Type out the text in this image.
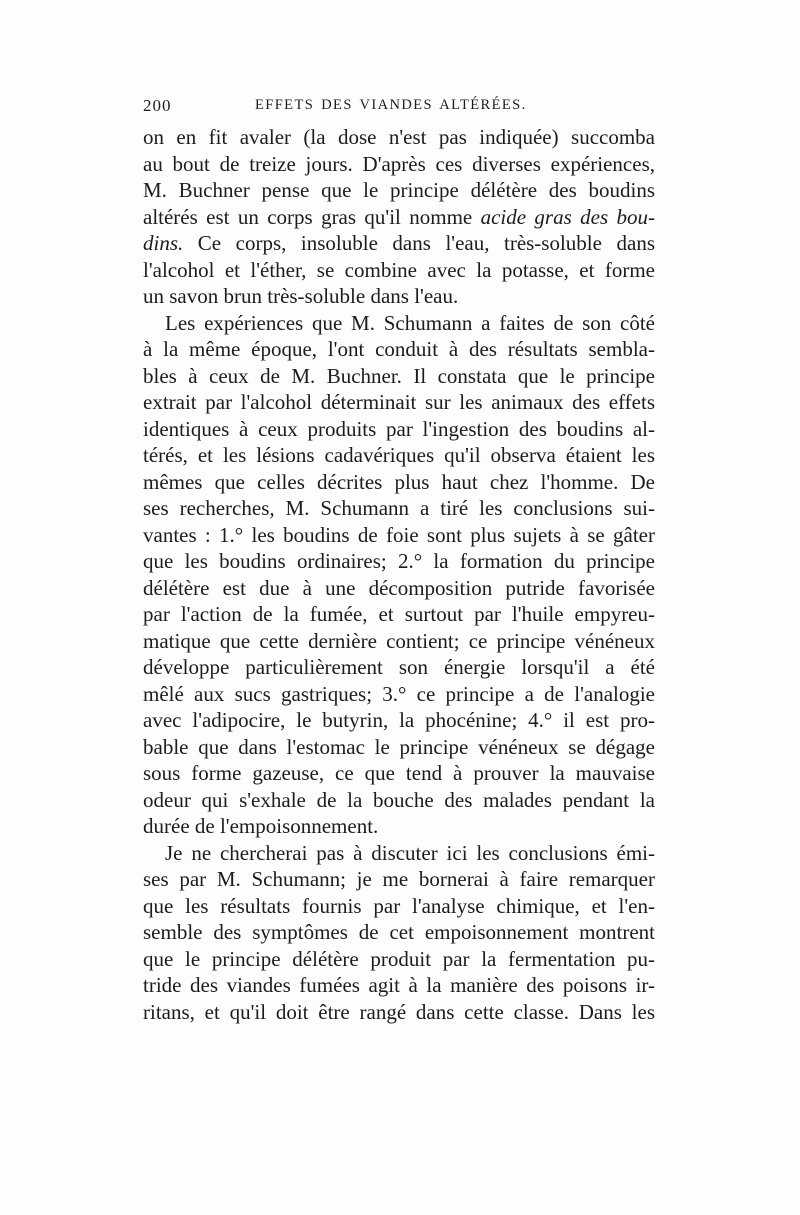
200	EFFETS DES VIANDES ALTÉRÉES.
on en fit avaler (la dose n'est pas indiquée) succomba
au bout de treize jours. D'après ces diverses expériences,
M. Buchner pense que le principe délétère des boudins
altérés est un corps gras qu'il nomme acide gras des bou-
dins. Ce corps, insoluble dans l'eau, très-soluble dans
l'alcohol et l'éther, se combine avec la potasse, et forme
un savon brun très-soluble dans l'eau.
Les expériences que M. Schumann a faites de son côté
à la même époque, l'ont conduit à des résultats sembla-
bles à ceux de M. Buchner. Il constata que le principe
extrait par l'alcohol déterminait sur les animaux des effets
identiques à ceux produits par l'ingestion des boudins al-
térés, et les lésions cadavériques qu'il observa étaient les
mêmes que celles décrites plus haut chez l'homme. De
ses recherches, M. Schumann a tiré les conclusions sui-
vantes : 1.° les boudins de foie sont plus sujets à se gâter
que les boudins ordinaires; 2.° la formation du principe
délétère est due à une décomposition putride favorisée
par l'action de la fumée, et surtout par l'huile empyreu-
matique que cette dernière contient; ce principe vénéneux
développe particulièrement son énergie lorsqu'il a été
mêlé aux sucs gastriques; 3.° ce principe a de l'analogie
avec l'adipocire, le butyrin, la phocénine; 4.° il est pro-
bable que dans l'estomac le principe vénéneux se dégage
sous forme gazeuse, ce que tend à prouver la mauvaise
odeur qui s'exhale de la bouche des malades pendant la
durée de l'empoisonnement.
Je ne chercherai pas à discuter ici les conclusions émi-
ses par M. Schumann; je me bornerai à faire remarquer
que les résultats fournis par l'analyse chimique, et l'en-
semble des symptômes de cet empoisonnement montrent
que le principe délétère produit par la fermentation pu-
tride des viandes fumées agit à la manière des poisons ir-
ritans, et qu'il doit être rangé dans cette classe. Dans les
